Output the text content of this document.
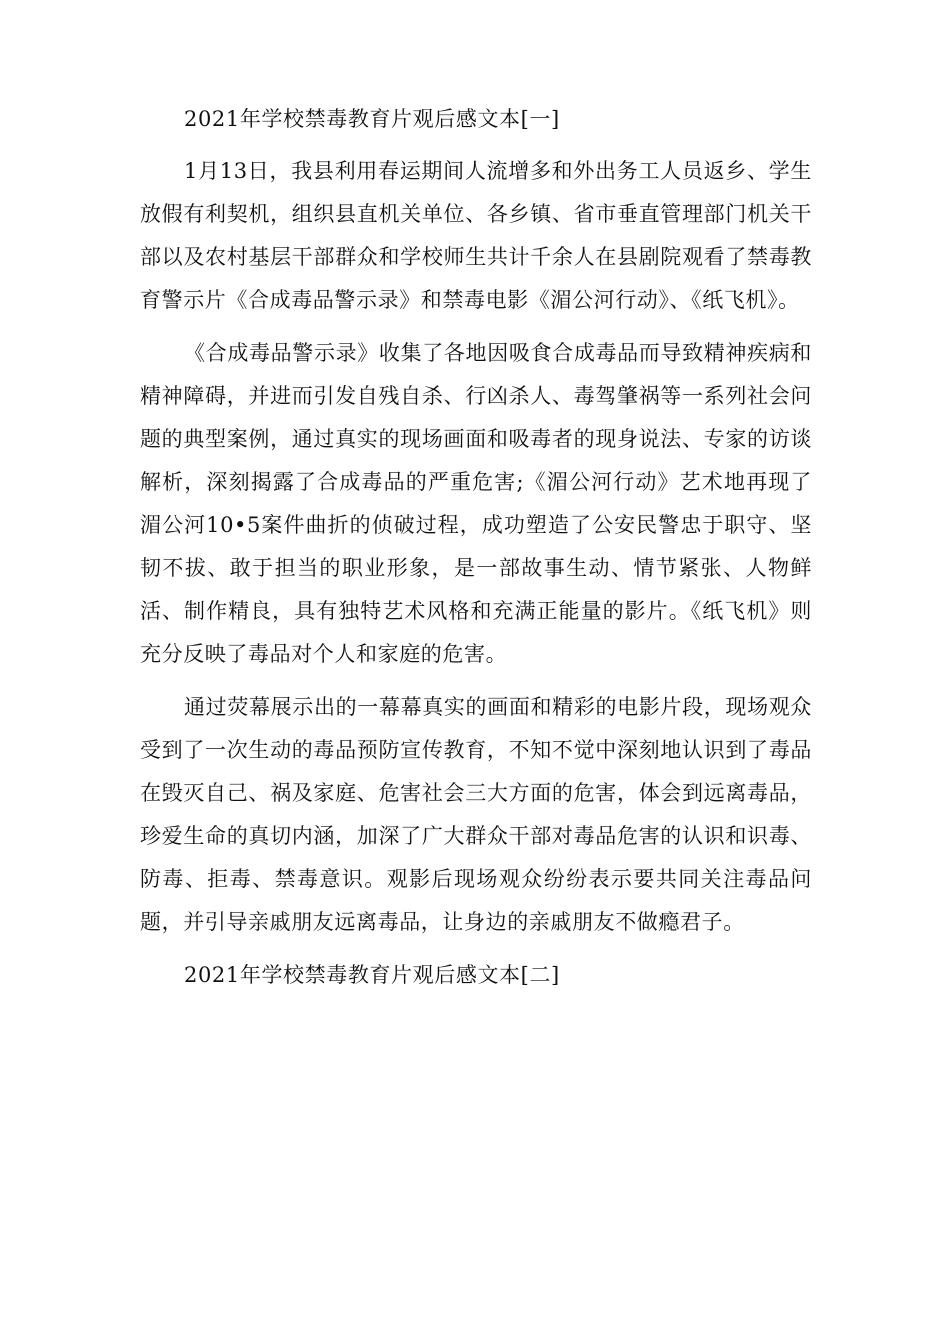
2021年学校禁毒教育片观后感文本[一]

1月13日，我县利用春运期间人流增多和外出务工人员返乡、学生放假有利契机，组织县直机关单位、各乡镇、省市垂直管理部门机关干部以及农村基层干部群众和学校师生共计千余人在县剧院观看了禁毒教育警示片《合成毒品警示录》和禁毒电影《湄公河行动》、《纸飞机》。

《合成毒品警示录》收集了各地因吸食合成毒品而导致精神疾病和精神障碍，并进而引发自残自杀、行凶杀人、毒驾肇祸等一系列社会问题的典型案例，通过真实的现场画面和吸毒者的现身说法、专家的访谈解析，深刻揭露了合成毒品的严重危害;《湄公河行动》艺术地再现了湄公河10•5案件曲折的侦破过程，成功塑造了公安民警忠于职守、坚韧不拔、敢于担当的职业形象，是一部故事生动、情节紧张、人物鲜活、制作精良，具有独特艺术风格和充满正能量的影片。《纸飞机》则充分反映了毒品对个人和家庭的危害。

通过荧幕展示出的一幕幕真实的画面和精彩的电影片段，现场观众受到了一次生动的毒品预防宣传教育，不知不觉中深刻地认识到了毒品在毁灭自己、祸及家庭、危害社会三大方面的危害，体会到远离毒品，珍爱生命的真切内涵，加深了广大群众干部对毒品危害的认识和识毒、防毒、拒毒、禁毒意识。观影后现场观众纷纷表示要共同关注毒品问题，并引导亲戚朋友远离毒品，让身边的亲戚朋友不做瘾君子。

2021年学校禁毒教育片观后感文本[二]
